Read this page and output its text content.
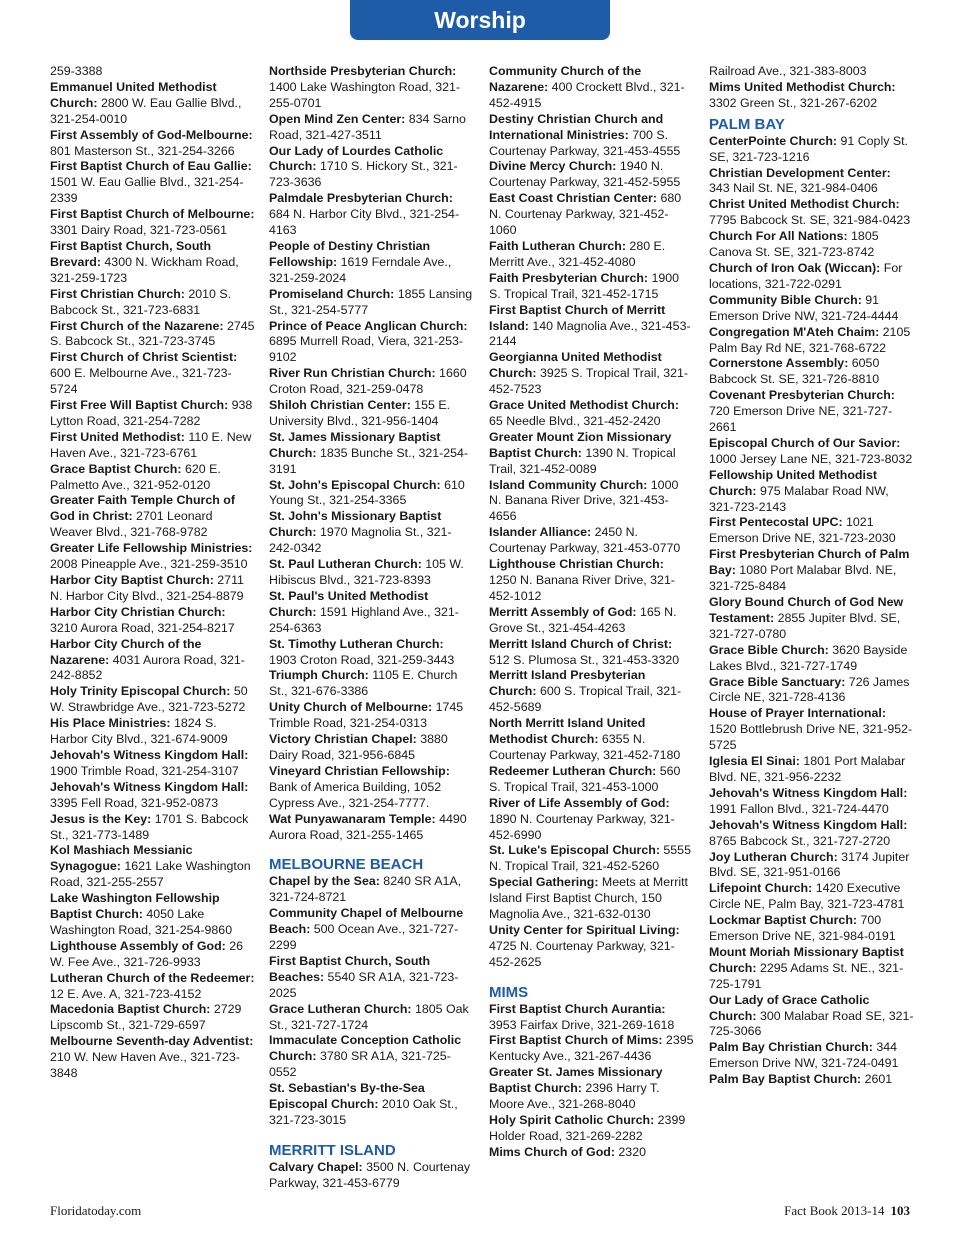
Worship

259-3388

Emmanuel United Methodist Church: 2800 W. Eau Gallie Blvd., 321-254-0010

First Assembly of God-Melbourne: 801 Masterson St., 321-254-3266

First Baptist Church of Eau Gallie: 1501 W. Eau Gallie Blvd., 321-254-2339

First Baptist Church of Melbourne: 3301 Dairy Road, 321-723-0561

First Baptist Church, South Brevard: 4300 N. Wickham Road, 321-259-1723

First Christian Church: 2010 S. Babcock St., 321-723-6831

First Church of the Nazarene: 2745 S. Babcock St., 321-723-3745

First Church of Christ Scientist: 600 E. Melbourne Ave., 321-723-5724

First Free Will Baptist Church: 938 Lytton Road, 321-254-7282

First United Methodist: 110 E. New Haven Ave., 321-723-6761

Grace Baptist Church: 620 E. Palmetto Ave., 321-952-0120

Greater Faith Temple Church of God in Christ: 2701 Leonard Weaver Blvd., 321-768-9782

Greater Life Fellowship Ministries: 2008 Pineapple Ave., 321-259-3510

Harbor City Baptist Church: 2711 N. Harbor City Blvd., 321-254-8879

Harbor City Christian Church: 3210 Aurora Road, 321-254-8217

Harbor City Church of the Nazarene: 4031 Aurora Road, 321-242-8852

Holy Trinity Episcopal Church: 50 W. Strawbridge Ave., 321-723-5272

His Place Ministries: 1824 S. Harbor City Blvd., 321-674-9009

Jehovah's Witness Kingdom Hall: 1900 Trimble Road, 321-254-3107

Jehovah's Witness Kingdom Hall: 3395 Fell Road, 321-952-0873

Jesus is the Key: 1701 S. Babcock St., 321-773-1489

Kol Mashiach Messianic Synagogue: 1621 Lake Washington Road, 321-255-2557

Lake Washington Fellowship Baptist Church: 4050 Lake Washington Road, 321-254-9860

Lighthouse Assembly of God: 26 W. Fee Ave., 321-726-9933

Lutheran Church of the Redeemer: 12 E. Ave. A, 321-723-4152

Macedonia Baptist Church: 2729 Lipscomb St., 321-729-6597

Melbourne Seventh-day Adventist: 210 W. New Haven Ave., 321-723-3848

Northside Presbyterian Church: 1400 Lake Washington Road, 321-255-0701

Open Mind Zen Center: 834 Sarno Road, 321-427-3511

Our Lady of Lourdes Catholic Church: 1710 S. Hickory St., 321-723-3636

Palmdale Presbyterian Church: 684 N. Harbor City Blvd., 321-254-4163

People of Destiny Christian Fellowship: 1619 Ferndale Ave., 321-259-2024

Promiseland Church: 1855 Lansing St., 321-254-5777

Prince of Peace Anglican Church: 6895 Murrell Road, Viera, 321-253-9102

River Run Christian Church: 1660 Croton Road, 321-259-0478

Shiloh Christian Center: 155 E. University Blvd., 321-956-1404

St. James Missionary Baptist Church: 1835 Bunche St., 321-254-3191

St. John's Episcopal Church: 610 Young St., 321-254-3365

St. John's Missionary Baptist Church: 1970 Magnolia St., 321-242-0342

St. Paul Lutheran Church: 105 W. Hibiscus Blvd., 321-723-8393

St. Paul's United Methodist Church: 1591 Highland Ave., 321-254-6363

St. Timothy Lutheran Church: 1903 Croton Road, 321-259-3443

Triumph Church: 1105 E. Church St., 321-676-3386

Unity Church of Melbourne: 1745 Trimble Road, 321-254-0313

Victory Christian Chapel: 3880 Dairy Road, 321-956-6845

Vineyard Christian Fellowship: Bank of America Building, 1052 Cypress Ave., 321-254-7777.

Wat Punyawanaram Temple: 4490 Aurora Road, 321-255-1465

MELBOURNE BEACH

Chapel by the Sea: 8240 SR A1A, 321-724-8721

Community Chapel of Melbourne Beach: 500 Ocean Ave., 321-727-2299

First Baptist Church, South Beaches: 5540 SR A1A, 321-723-2025

Grace Lutheran Church: 1805 Oak St., 321-727-1724

Immaculate Conception Catholic Church: 3780 SR A1A, 321-725-0552

St. Sebastian's By-the-Sea Episcopal Church: 2010 Oak St., 321-723-3015

MERRITT ISLAND

Calvary Chapel: 3500 N. Courtenay Parkway, 321-453-6779

Community Church of the Nazarene: 400 Crockett Blvd., 321-452-4915

Destiny Christian Church and International Ministries: 700 S. Courtenay Parkway, 321-453-4555

Divine Mercy Church: 1940 N. Courtenay Parkway, 321-452-5955

East Coast Christian Center: 680 N. Courtenay Parkway, 321-452-1060

Faith Lutheran Church: 280 E. Merritt Ave., 321-452-4080

Faith Presbyterian Church: 1900 S. Tropical Trail, 321-452-1715

First Baptist Church of Merritt Island: 140 Magnolia Ave., 321-453-2144

Georgianna United Methodist Church: 3925 S. Tropical Trail, 321-452-7523

Grace United Methodist Church: 65 Needle Blvd., 321-452-2420

Greater Mount Zion Missionary Baptist Church: 1390 N. Tropical Trail, 321-452-0089

Island Community Church: 1000 N. Banana River Drive, 321-453-4656

Islander Alliance: 2450 N. Courtenay Parkway, 321-453-0770

Lighthouse Christian Church: 1250 N. Banana River Drive, 321-452-1012

Merritt Assembly of God: 165 N. Grove St., 321-454-4263

Merritt Island Church of Christ: 512 S. Plumosa St., 321-453-3320

Merritt Island Presbyterian Church: 600 S. Tropical Trail, 321-452-5689

North Merritt Island United Methodist Church: 6355 N. Courtenay Parkway, 321-452-7180

Redeemer Lutheran Church: 560 S. Tropical Trail, 321-453-1000

River of Life Assembly of God: 1890 N. Courtenay Parkway, 321-452-6990

St. Luke's Episcopal Church: 5555 N. Tropical Trail, 321-452-5260

Special Gathering: Meets at Merritt Island First Baptist Church, 150 Magnolia Ave., 321-632-0130

Unity Center for Spiritual Living: 4725 N. Courtenay Parkway, 321-452-2625

MIMS

First Baptist Church Aurantia: 3953 Fairfax Drive, 321-269-1618

First Baptist Church of Mims: 2395 Kentucky Ave., 321-267-4436

Greater St. James Missionary Baptist Church: 2396 Harry T. Moore Ave., 321-268-8040

Holy Spirit Catholic Church: 2399 Holder Road, 321-269-2282

Mims Church of God: 2320

Railroad Ave., 321-383-8003

Mims United Methodist Church: 3302 Green St., 321-267-6202

PALM BAY

CenterPointe Church: 91 Coply St. SE, 321-723-1216

Christian Development Center: 343 Nail St. NE, 321-984-0406

Christ United Methodist Church: 7795 Babcock St. SE, 321-984-0423

Church For All Nations: 1805 Canova St. SE, 321-723-8742

Church of Iron Oak (Wiccan): For locations, 321-722-0291

Community Bible Church: 91 Emerson Drive NW, 321-724-4444

Congregation M'Ateh Chaim: 2105 Palm Bay Rd NE, 321-768-6722

Cornerstone Assembly: 6050 Babcock St. SE, 321-726-8810

Covenant Presbyterian Church: 720 Emerson Drive NE, 321-727-2661

Episcopal Church of Our Savior: 1000 Jersey Lane NE, 321-723-8032

Fellowship United Methodist Church: 975 Malabar Road NW, 321-723-2143

First Pentecostal UPC: 1021 Emerson Drive NE, 321-723-2030

First Presbyterian Church of Palm Bay: 1080 Port Malabar Blvd. NE, 321-725-8484

Glory Bound Church of God New Testament: 2855 Jupiter Blvd. SE, 321-727-0780

Grace Bible Church: 3620 Bayside Lakes Blvd., 321-727-1749

Grace Bible Sanctuary: 726 James Circle NE, 321-728-4136

House of Prayer International: 1520 Bottlebrush Drive NE, 321-952-5725

Iglesia El Sinai: 1801 Port Malabar Blvd. NE, 321-956-2232

Jehovah's Witness Kingdom Hall: 1991 Fallon Blvd., 321-724-4470

Jehovah's Witness Kingdom Hall: 8765 Babcock St., 321-727-2720

Joy Lutheran Church: 3174 Jupiter Blvd. SE, 321-951-0166

Lifepoint Church: 1420 Executive Circle NE, Palm Bay, 321-723-4781

Lockmar Baptist Church: 700 Emerson Drive NE, 321-984-0191

Mount Moriah Missionary Baptist Church: 2295 Adams St. NE., 321-725-1791

Our Lady of Grace Catholic Church: 300 Malabar Road SE, 321-725-3066

Palm Bay Christian Church: 344 Emerson Drive NW, 321-724-0491

Palm Bay Baptist Church: 2601

Floridatoday.com	Fact Book 2013-14 103
